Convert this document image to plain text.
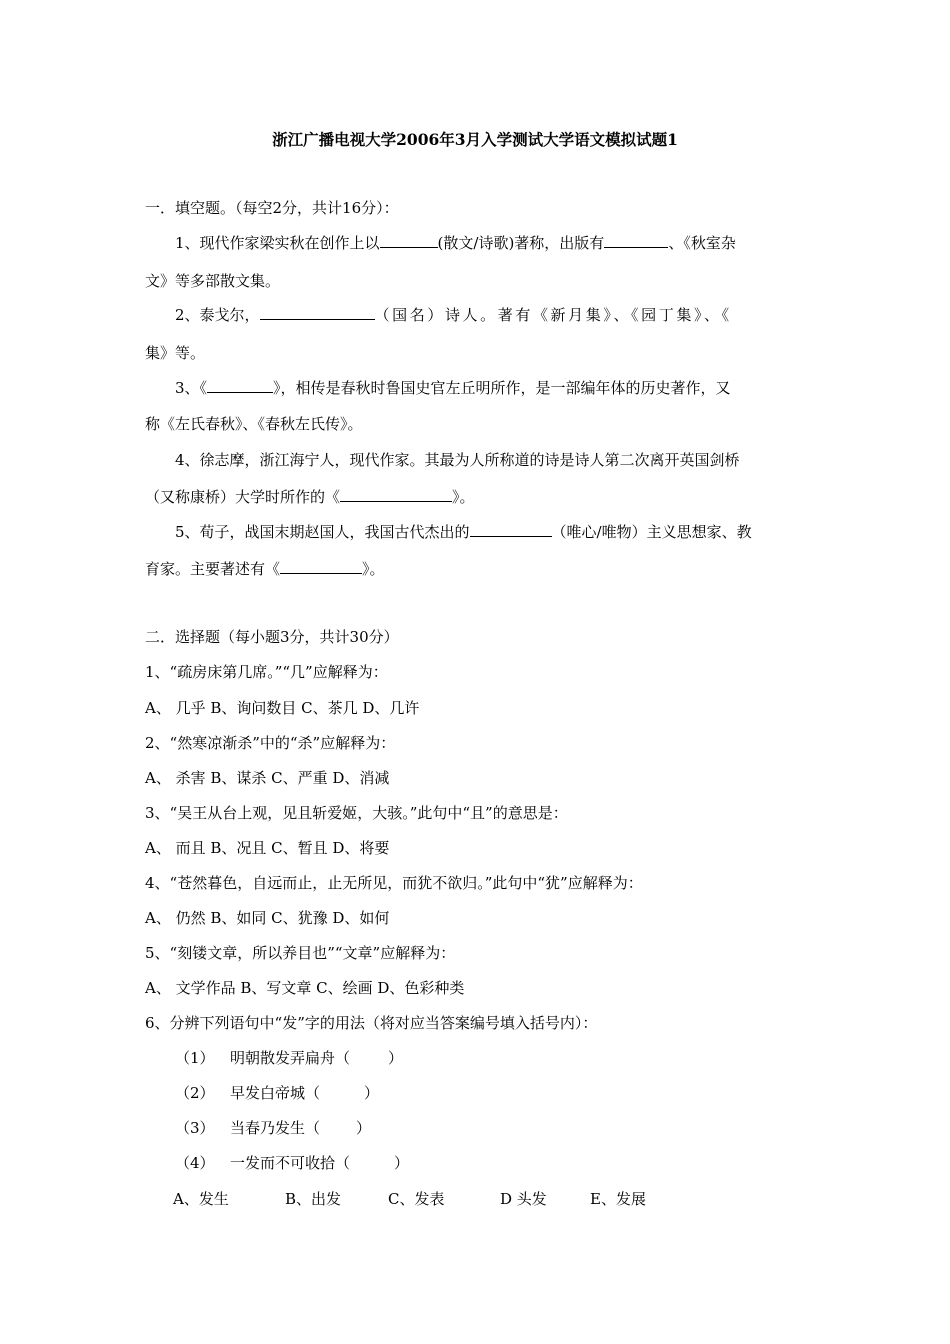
浙江广播电视大学2006年3月入学测试大学语文模拟试题1
一．填空题。（每空2分，共计16分）：
1、现代作家梁实秋在创作上以	(散文/诗歌)著称，出版有	、《秋室杂
文》等多部散文集。
2、泰戈尔，	（国名）诗人。著有《新月集》、《园丁集》、《
集》等。
3、《	》，相传是春秋时鲁国史官左丘明所作，是一部编年体的历史著作，又
称《左氏春秋》、《春秋左氏传》。
4、徐志摩，浙江海宁人，现代作家。其最为人所称道的诗是诗人第二次离开英国剑桥
（又称康桥）大学时所作的《	》。
5、荀子，战国末期赵国人，我国古代杰出的	（唯心/唯物）主义思想家、教
育家。主要著述有《	》。
二．选择题（每小题3分，共计30分）
1、“疏房床第几席。”“几”应解释为：
A、 几乎 B、询问数目 C、茶几 D、几许
2、“然寒凉渐杀”中的“杀”应解释为：
A、 杀害 B、谋杀 C、严重 D、消减
3、“吴王从台上观，见且斩爱姬，大骇。”此句中“且”的意思是：
A、 而且 B、况且 C、暂且 D、将要
4、“苍然暮色，自远而止，止无所见，而犹不欲归。”此句中“犹”应解释为：
A、 仍然 B、如同 C、犹豫 D、如何
5、“刻镂文章，所以养目也”“文章”应解释为：
A、 文学作品 B、写文章 C、绘画 D、色彩种类
6、分辨下列语句中“发”字的用法（将对应当答案编号填入括号内）：
（1） 明朝散发弄扁舟（	）
（2） 早发白帝城（	）
（3） 当春乃发生（ ）
（4） 一发而不可收拾（	）
A、发生	B、出发	C、发表	D 头发	E、发展
